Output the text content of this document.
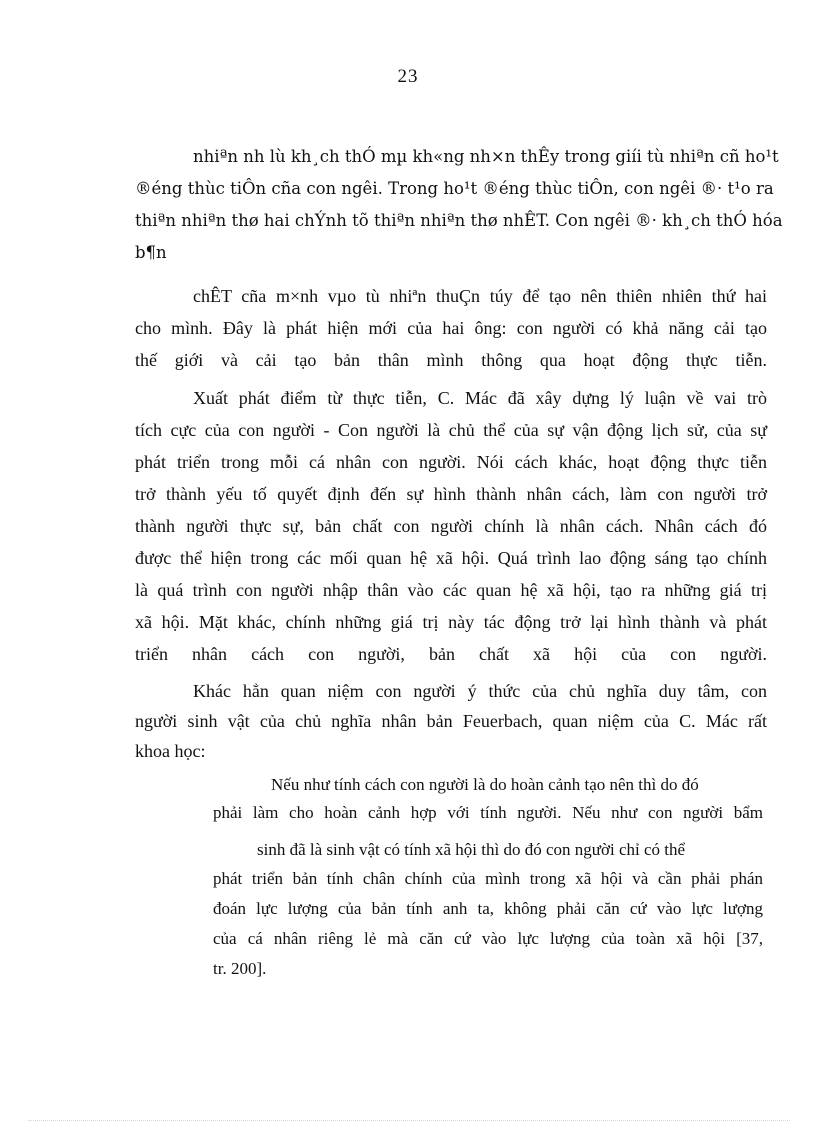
23
nhiªn nh lù kh¸ch thÓ mµ kh«ng nh×n thÊy trong giíi tù nhiªn cñ ho¹t
®éng thùc tiÔn cña con ngêi. Trong ho¹t ®éng thùc tiÔn, con ngêi ®· t¹o ra
thiªn nhiªn thø hai chÝnh tõ thiªn nhiªn thø nhÊT. Con ngêi ®· kh¸ch thÓ hóa
b¶n
chÊT cña m×nh vµo tù nhiªn thuÇn túy để tạo nên thiên nhiên thứ hai
cho mình. Đây là phát hiện mới của hai ông: con người có khả năng cải tạo
thế giới và cải tạo bản thân mình thông qua hoạt động thực tiễn.
Xuất phát điểm từ thực tiễn, C. Mác đã xây dựng lý luận về vai trò
tích cực của con người - Con người là chủ thể của sự vận động lịch sử, của sự
phát triển trong mỗi cá nhân con người. Nói cách khác, hoạt động thực tiễn
trở thành yếu tố quyết định đến sự hình thành nhân cách, làm con người trở
thành người thực sự, bản chất con người chính là nhân cách. Nhân cách đó
được thể hiện trong các mối quan hệ xã hội. Quá trình lao động sáng tạo chính
là quá trình con người nhập thân vào các quan hệ xã hội, tạo ra những giá trị
xã hội. Mặt khác, chính những giá trị này tác động trở lại hình thành và phát
triển nhân cách con người, bản chất xã hội của con người.
Khác hẳn quan niệm con người ý thức của chủ nghĩa duy tâm, con
người sinh vật của chủ nghĩa nhân bản Feuerbach, quan niệm của C. Mác rất
khoa học:
Nếu như tính cách con người là do hoàn cảnh tạo nên thì do đó
phải làm cho hoàn cảnh hợp với tính người. Nếu như con người bẩm
sinh đã là sinh vật có tính xã hội thì do đó con người chỉ có thể
phát triển bản tính chân chính của mình trong xã hội và cần phải phán
đoán lực lượng của bản tính anh ta, không phải căn cứ vào lực lượng
của cá nhân riêng lẻ mà căn cứ vào lực lượng của toàn xã hội [37,
tr. 200].
